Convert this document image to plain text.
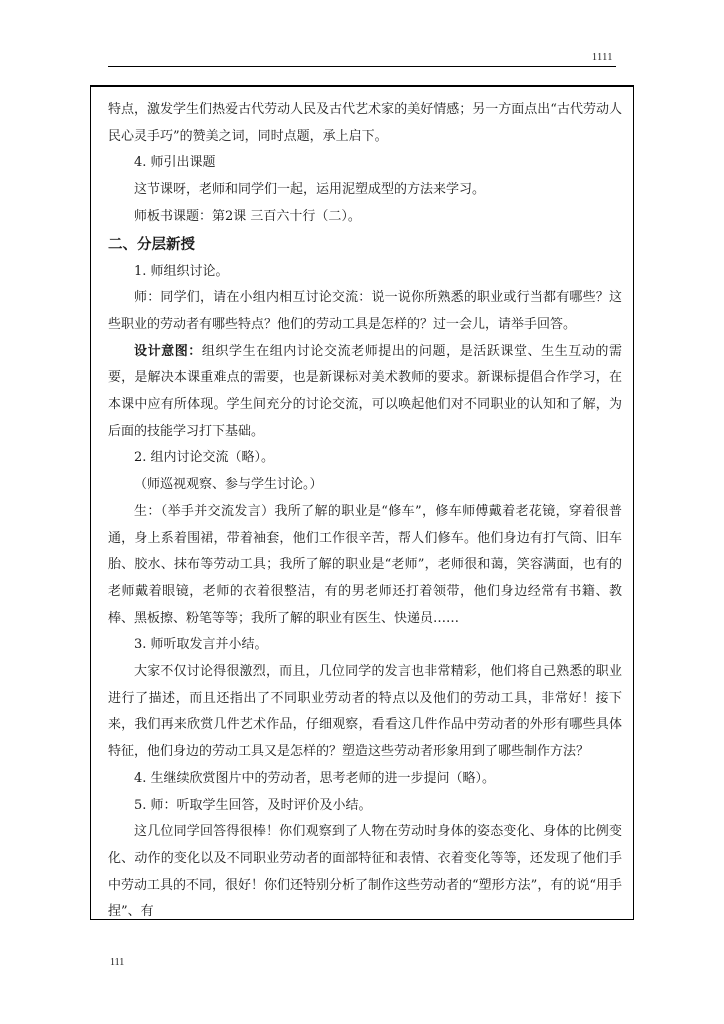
1111

特点，激发学生们热爱古代劳动人民及古代艺术家的美好情感；另一方面点出“古代劳动人民心灵手巧”的赞美之词，同时点题，承上启下。

4. 师引出课题

这节课呀，老师和同学们一起，运用泥塑成型的方法来学习。

师板书课题：第2课 三百六十行（二）。

二、分层新授

1. 师组织讨论。

师：同学们，请在小组内相互讨论交流：说一说你所熟悉的职业或行当都有哪些？这些职业的劳动者有哪些特点？他们的劳动工具是怎样的？过一会儿，请举手回答。

设计意图：组织学生在组内讨论交流老师提出的问题，是活跃课堂、生生互动的需要，是解决本课重难点的需要，也是新课标对美术教师的要求。新课标提倡合作学习，在本课中应有所体现。学生间充分的讨论交流，可以唤起他们对不同职业的认知和了解，为后面的技能学习打下基础。

2. 组内讨论交流（略）。

（师巡视观察、参与学生讨论。）

生：（举手并交流发言）我所了解的职业是“修车”，修车师傅戴着老花镜，穿着很普通，身上系着围裙，带着袖套，他们工作很辛苦，帮人们修车。他们身边有打气筒、旧车胎、胶水、抹布等劳动工具；我所了解的职业是“老师”，老师很和蔼，笑容满面，也有的老师戴着眼镜，老师的衣着很整洁，有的男老师还打着领带，他们身边经常有书籍、教棒、黑板擦、粉笔等等；我所了解的职业有医生、快递员……

3. 师听取发言并小结。

大家不仅讨论得很激烈，而且，几位同学的发言也非常精彩，他们将自己熟悉的职业进行了描述，而且还指出了不同职业劳动者的特点以及他们的劳动工具，非常好！接下来，我们再来欣赏几件艺术作品，仔细观察，看看这几件作品中劳动者的外形有哪些具体特征，他们身边的劳动工具又是怎样的？塑造这些劳动者形象用到了哪些制作方法？

4. 生继续欣赏图片中的劳动者，思考老师的进一步提问（略）。

5. 师：听取学生回答，及时评价及小结。

这几位同学回答得很棒！你们观察到了人物在劳动时身体的姿态变化、身体的比例变化、动作的变化以及不同职业劳动者的面部特征和表情、衣着变化等等，还发现了他们手中劳动工具的不同，很好！你们还特别分析了制作这些劳动者的“塑形方法”，有的说“用手捏”、有

111
